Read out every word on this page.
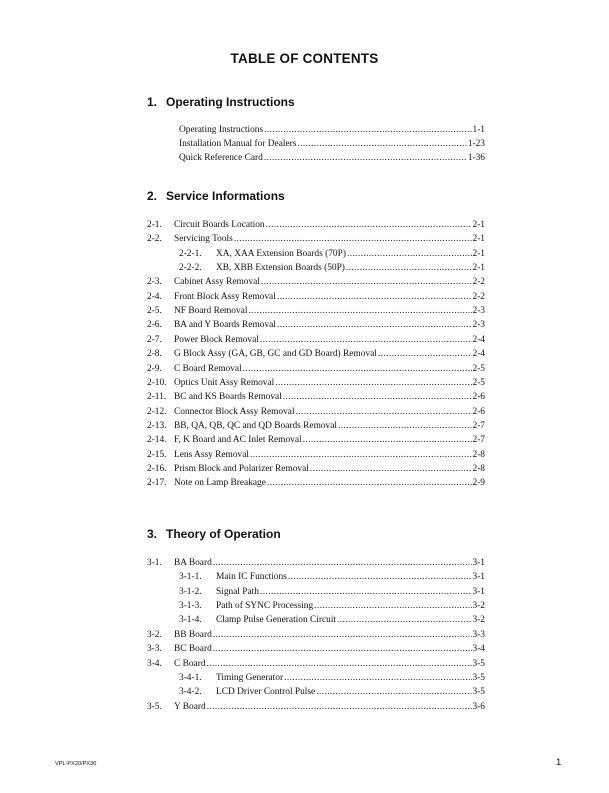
TABLE OF CONTENTS
1. Operating Instructions
Operating Instructions .....	1-1
Installation Manual for Dealers .....	1-23
Quick Reference Card .....	1-36
2. Service Informations
2-1.	Circuit Boards Location .....	2-1
2-2.	Servicing Tools .....	2-1
2-2-1.	XA, XAA Extension Boards (70P) .....	2-1
2-2-2.	XB, XBB Extension Boards (50P) .....	2-1
2-3.	Cabinet Assy Removal .....	2-2
2-4.	Front Block Assy Removal .....	2-2
2-5.	NF Board Removal .....	2-3
2-6.	BA and Y Boards Removal .....	2-3
2-7.	Power Block Removal .....	2-4
2-8.	G Block Assy (GA, GB, GC and GD Board) Removal .....	2-4
2-9.	C Board Removal .....	2-5
2-10. Optics Unit Assy Removal .....	2-5
2-11. BC and KS Boards Removal .....	2-6
2-12. Connector Block Assy Removal .....	2-6
2-13. BB, QA, QB, QC and QD Boards Removal .....	2-7
2-14. F, K Board and AC Inlet Removal .....	2-7
2-15. Lens Assy Removal .....	2-8
2-16. Prism Block and Polarizer Removal .....	2-8
2-17. Note on Lamp Breakage .....	2-9
3. Theory of Operation
3-1.	BA Board .....	3-1
3-1-1.	Main IC Functions .....	3-1
3-1-2.	Signal Path .....	3-1
3-1-3.	Path of SYNC Processing .....	3-2
3-1-4.	Clamp Pulse Generation Circuit .....	3-2
3-2.	BB Board .....	3-3
3-3.	BC Board .....	3-4
3-4.	C Board .....	3-5
3-4-1.	Timing Generator .....	3-5
3-4-2.	LCD Driver Control Pulse .....	3-5
3-5.	Y Board .....	3-6
VPL-PX20/PX30	1
